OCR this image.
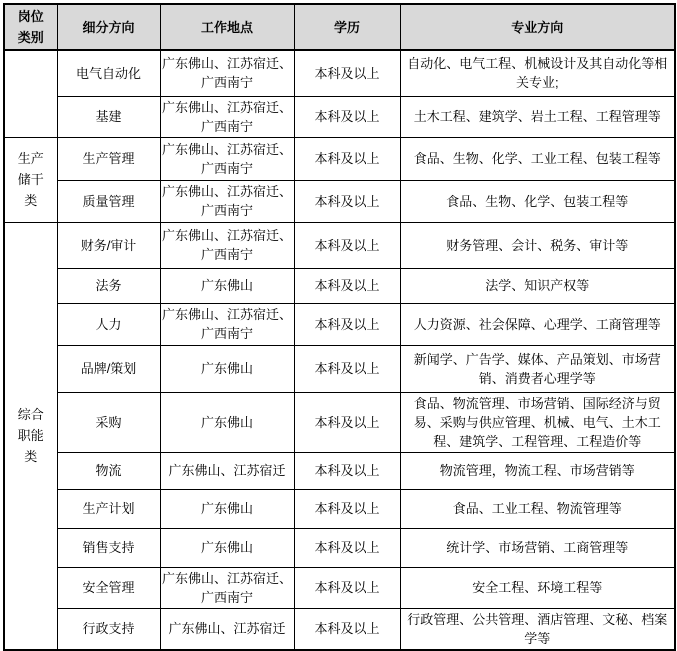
岗位类别	细分方向	工作地点	学历	专业方向
	电气自动化	广东佛山、江苏宿迁、广西南宁	本科及以上	自动化、电气工程、机械设计及其自动化等相关专业;
	基建	广东佛山、江苏宿迁、广西南宁	本科及以上	土木工程、建筑学、岩土工程、工程管理等
生产储干类	生产管理	广东佛山、江苏宿迁、广西南宁	本科及以上	食品、生物、化学、工业工程、包装工程等
	质量管理	广东佛山、江苏宿迁、广西南宁	本科及以上	食品、生物、化学、包装工程等
综合职能类	财务/审计	广东佛山、江苏宿迁、广西南宁	本科及以上	财务管理、会计、税务、审计等
	法务	广东佛山	本科及以上	法学、知识产权等
	人力	广东佛山、江苏宿迁、广西南宁	本科及以上	人力资源、社会保障、心理学、工商管理等
	品牌/策划	广东佛山	本科及以上	新闻学、广告学、媒体、产品策划、市场营销、消费者心理学等
	采购	广东佛山	本科及以上	食品、物流管理、市场营销、国际经济与贸易、采购与供应管理、机械、电气、土木工程、建筑学、工程管理、工程造价等
	物流	广东佛山、江苏宿迁	本科及以上	物流管理，物流工程、市场营销等
	生产计划	广东佛山	本科及以上	食品、工业工程、物流管理等
	销售支持	广东佛山	本科及以上	统计学、市场营销、工商管理等
	安全管理	广东佛山、江苏宿迁、广西南宁	本科及以上	安全工程、环境工程等
	行政支持	广东佛山、江苏宿迁	本科及以上	行政管理、公共管理、酒店管理、文秘、档案学等
